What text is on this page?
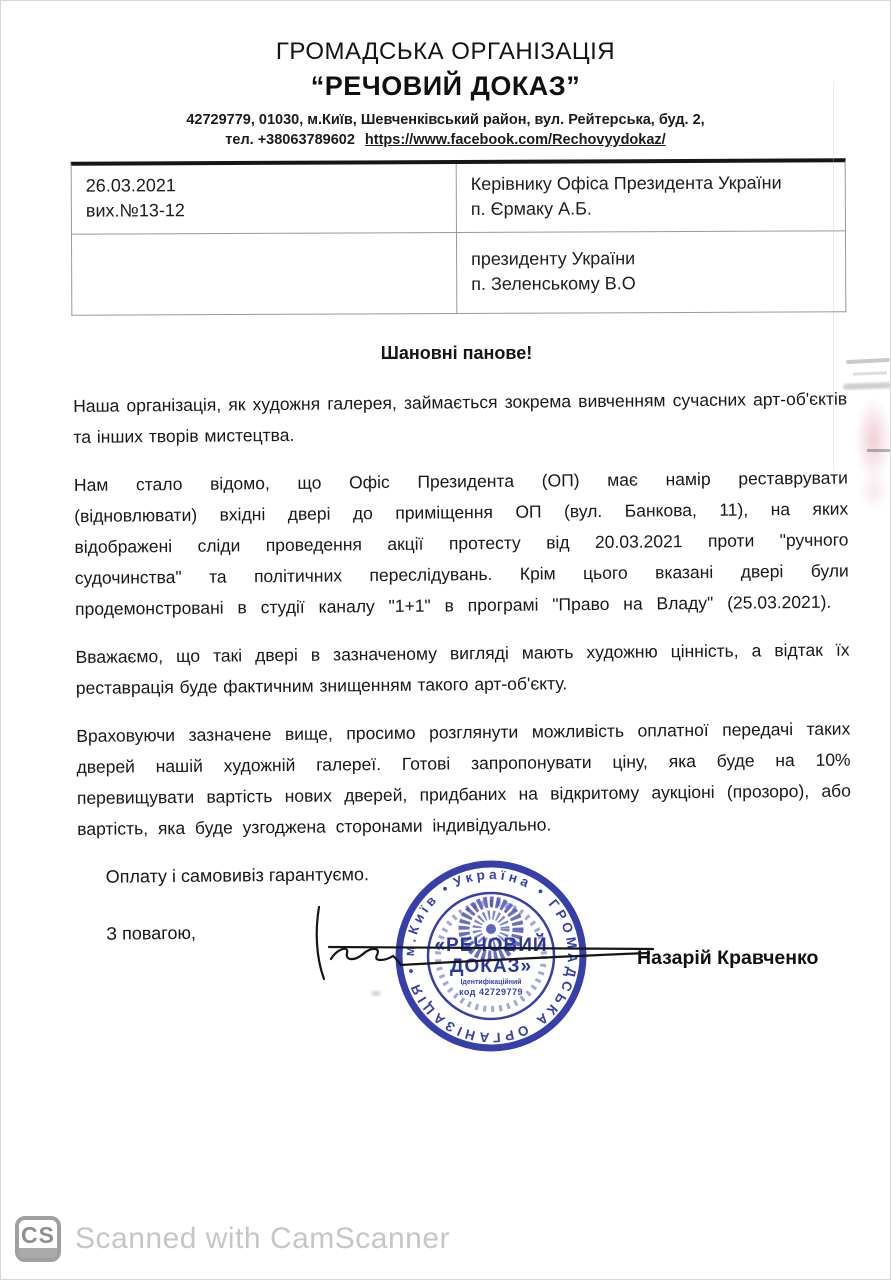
ГРОМАДСЬКА ОРГАНІЗАЦІЯ
“РЕЧОВИЙ ДОКАЗ”
42729779, 01030, м.Київ, Шевченківський район, вул. Рейтерська, буд. 2,
тел. +38063789602 https://www.facebook.com/Rechovyydokaz/
26.03.2021
вих.№13-12
Керівнику Офіса Президента України
п. Єрмаку А.Б.
президенту України
п. Зеленському В.О
Шановні панове!

Наша організація, як художня галерея, займається зокрема вивченням сучасних арт-об'єктів та інших творів мистецтва.

Нам стало відомо, що Офіс Президента (ОП) має намір реставрувати (відновлювати) вхідні двері до приміщення ОП (вул. Банкова, 11), на яких відображені сліди проведення акції протесту від 20.03.2021 проти "ручного судочинства" та політичних переслідувань. Крім цього вказані двері були продемонстровані в студії каналу "1+1" в програмі "Право на Владу" (25.03.2021).

Вважаємо, що такі двері в зазначеному вигляді мають художню цінність, а відтак їх реставрація буде фактичним знищенням такого арт-об'єкту.

Враховуючи зазначене вище, просимо розглянути можливість оплатної передачі таких дверей нашій художній галереї. Готові запропонувати ціну, яка буде на 10% перевищувати вартість нових дверей, придбаних на відкритому аукціоні (прозоро), або вартість, яка буде узгоджена сторонами індивідуально.

Оплату і самовивіз гарантуємо.

З повагою,

Україна • ГРОМАДСЬКА ОРГАНІЗАЦІЯ • м.Київ •
«РЕЧОВИЙ
ДОКАЗ»
Ідентифікаційний
код 42729779
Назарій Кравченко
CS Scanned with CamScanner
